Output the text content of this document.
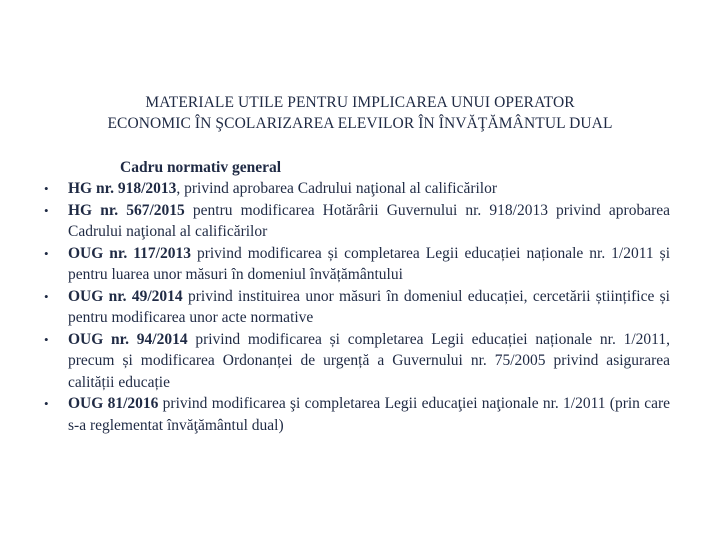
MATERIALE UTILE PENTRU IMPLICAREA UNUI OPERATOR
ECONOMIC ÎN ŞCOLARIZAREA ELEVILOR ÎN ÎNVĂŢĂMÂNTUL DUAL
Cadru normativ general
•	HG nr. 918/2013, privind aprobarea Cadrului naţional al calificărilor
•	HG nr. 567/2015 pentru modificarea Hotărârii Guvernului nr. 918/2013 privind aprobarea Cadrului naţional al calificărilor
•	OUG nr. 117/2013 privind modificarea și completarea Legii educației naționale nr. 1/2011 și pentru luarea unor măsuri în domeniul învățământului
•	OUG nr. 49/2014 privind instituirea unor măsuri în domeniul educației, cercetării științifice și pentru modificarea unor acte normative
•	OUG nr. 94/2014 privind modificarea și completarea Legii educației naționale nr. 1/2011, precum și modificarea Ordonanței de urgență a Guvernului nr. 75/2005 privind asigurarea calității educație
•	OUG 81/2016 privind modificarea şi completarea Legii educaţiei naţionale nr. 1/2011 (prin care s-a reglementat învăţământul dual)
